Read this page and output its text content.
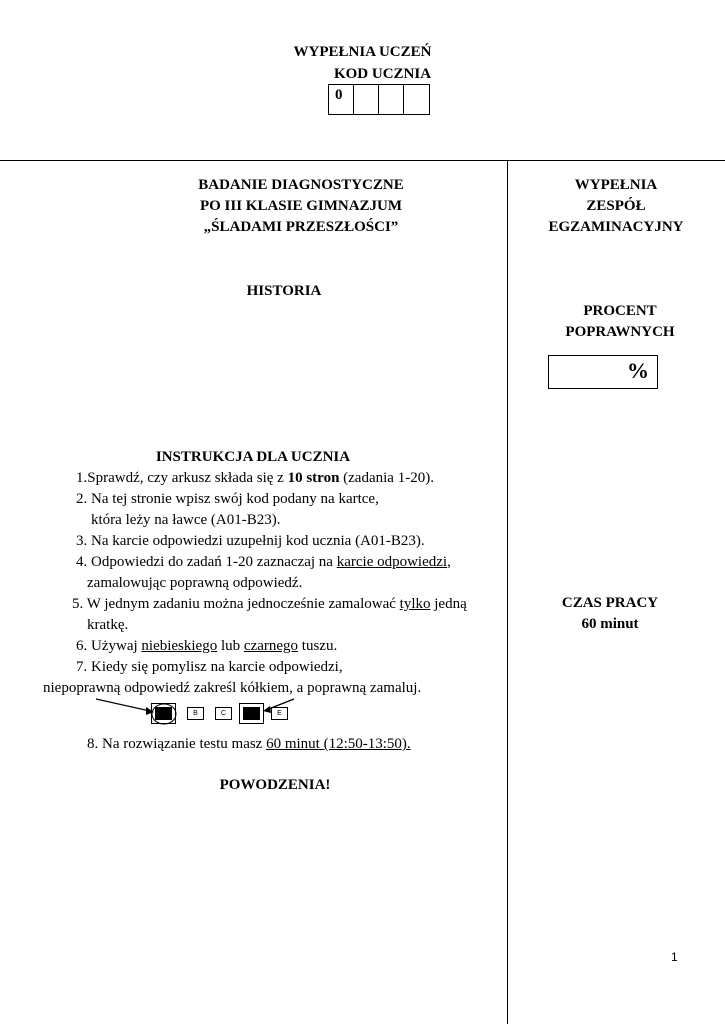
WYPEŁNIA UCZEŃ
KOD UCZNIA
0
BADANIE DIAGNOSTYCZNE
PO III KLASIE GIMNAZJUM
„ŚLADAMI PRZESZŁOŚCI”
HISTORIA
WYPEŁNIA
ZESPÓŁ
EGZAMINACYJNY
PROCENT
POPRAWNYCH
%
CZAS PRACY
60 minut
INSTRUKCJA DLA UCZNIA
1.Sprawdź, czy arkusz składa się z 10 stron (zadania 1-20).
2. Na tej stronie wpisz swój kod podany na kartce,
która leży na ławce (A01-B23).
3. Na karcie odpowiedzi uzupełnij kod ucznia (A01-B23).
4. Odpowiedzi do zadań 1-20 zaznaczaj na karcie odpowiedzi,
zamalowując poprawną odpowiedź.
5. W jednym zadaniu można jednocześnie zamalować tylko jedną
kratkę.
6. Używaj niebieskiego lub czarnego tuszu.
7. Kiedy się pomylisz na karcie odpowiedzi,
niepoprawną odpowiedź zakreśl kółkiem, a poprawną zamaluj.
B	C	E
8. Na rozwiązanie testu masz 60 minut (12:50-13:50).
POWODZENIA!
1
